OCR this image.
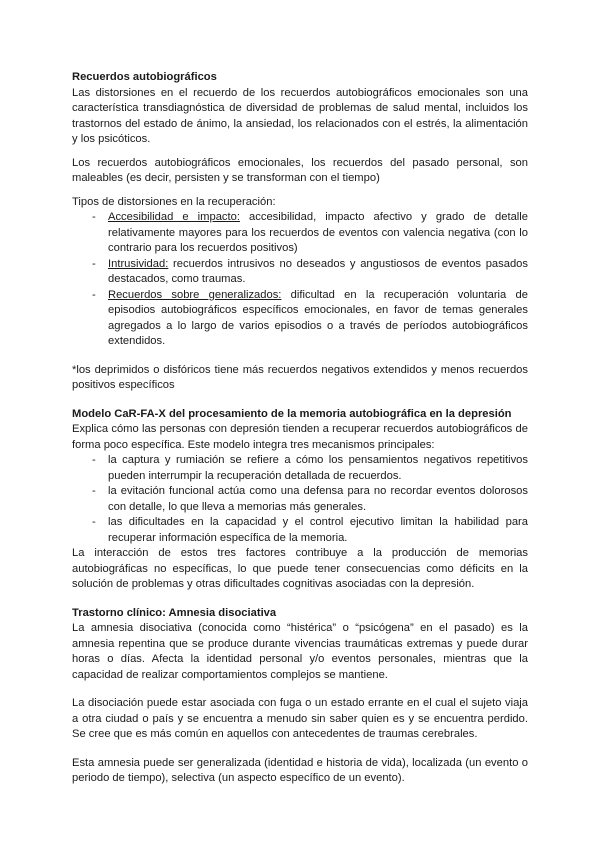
Recuerdos autobiográficos

Las distorsiones en el recuerdo de los recuerdos autobiográficos emocionales son una característica transdiagnóstica de diversidad de problemas de salud mental, incluidos los trastornos del estado de ánimo, la ansiedad, los relacionados con el estrés, la alimentación y los psicóticos.

Los recuerdos autobiográficos emocionales, los recuerdos del pasado personal, son maleables (es decir, persisten y se transforman con el tiempo)

Tipos de distorsiones en la recuperación:

- Accesibilidad e impacto: accesibilidad, impacto afectivo y grado de detalle relativamente mayores para los recuerdos de eventos con valencia negativa (con lo contrario para los recuerdos positivos)
- Intrusividad: recuerdos intrusivos no deseados y angustiosos de eventos pasados destacados, como traumas.
- Recuerdos sobre generalizados: dificultad en la recuperación voluntaria de episodios autobiográficos específicos emocionales, en favor de temas generales agregados a lo largo de varios episodios o a través de períodos autobiográficos extendidos.

*los deprimidos o disfóricos tiene más recuerdos negativos extendidos y menos recuerdos positivos específicos

Modelo CaR-FA-X del procesamiento de la memoria autobiográfica en la depresión

Explica cómo las personas con depresión tienden a recuperar recuerdos autobiográficos de forma poco específica. Este modelo integra tres mecanismos principales:

- la captura y rumiación se refiere a cómo los pensamientos negativos repetitivos pueden interrumpir la recuperación detallada de recuerdos.
- la evitación funcional actúa como una defensa para no recordar eventos dolorosos con detalle, lo que lleva a memorias más generales.
- las dificultades en la capacidad y el control ejecutivo limitan la habilidad para recuperar información específica de la memoria.

La interacción de estos tres factores contribuye a la producción de memorias autobiográficas no específicas, lo que puede tener consecuencias como déficits en la solución de problemas y otras dificultades cognitivas asociadas con la depresión.

Trastorno clínico: Amnesia disociativa

La amnesia disociativa (conocida como “histérica” o “psicógena” en el pasado) es la amnesia repentina que se produce durante vivencias traumáticas extremas y puede durar horas o días. Afecta la identidad personal y/o eventos personales, mientras que la capacidad de realizar comportamientos complejos se mantiene.

La disociación puede estar asociada con fuga o un estado errante en el cual el sujeto viaja a otra ciudad o país y se encuentra a menudo sin saber quien es y se encuentra perdido. Se cree que es más común en aquellos con antecedentes de traumas cerebrales.

Esta amnesia puede ser generalizada (identidad e historia de vida), localizada (un evento o periodo de tiempo), selectiva (un aspecto específico de un evento).
